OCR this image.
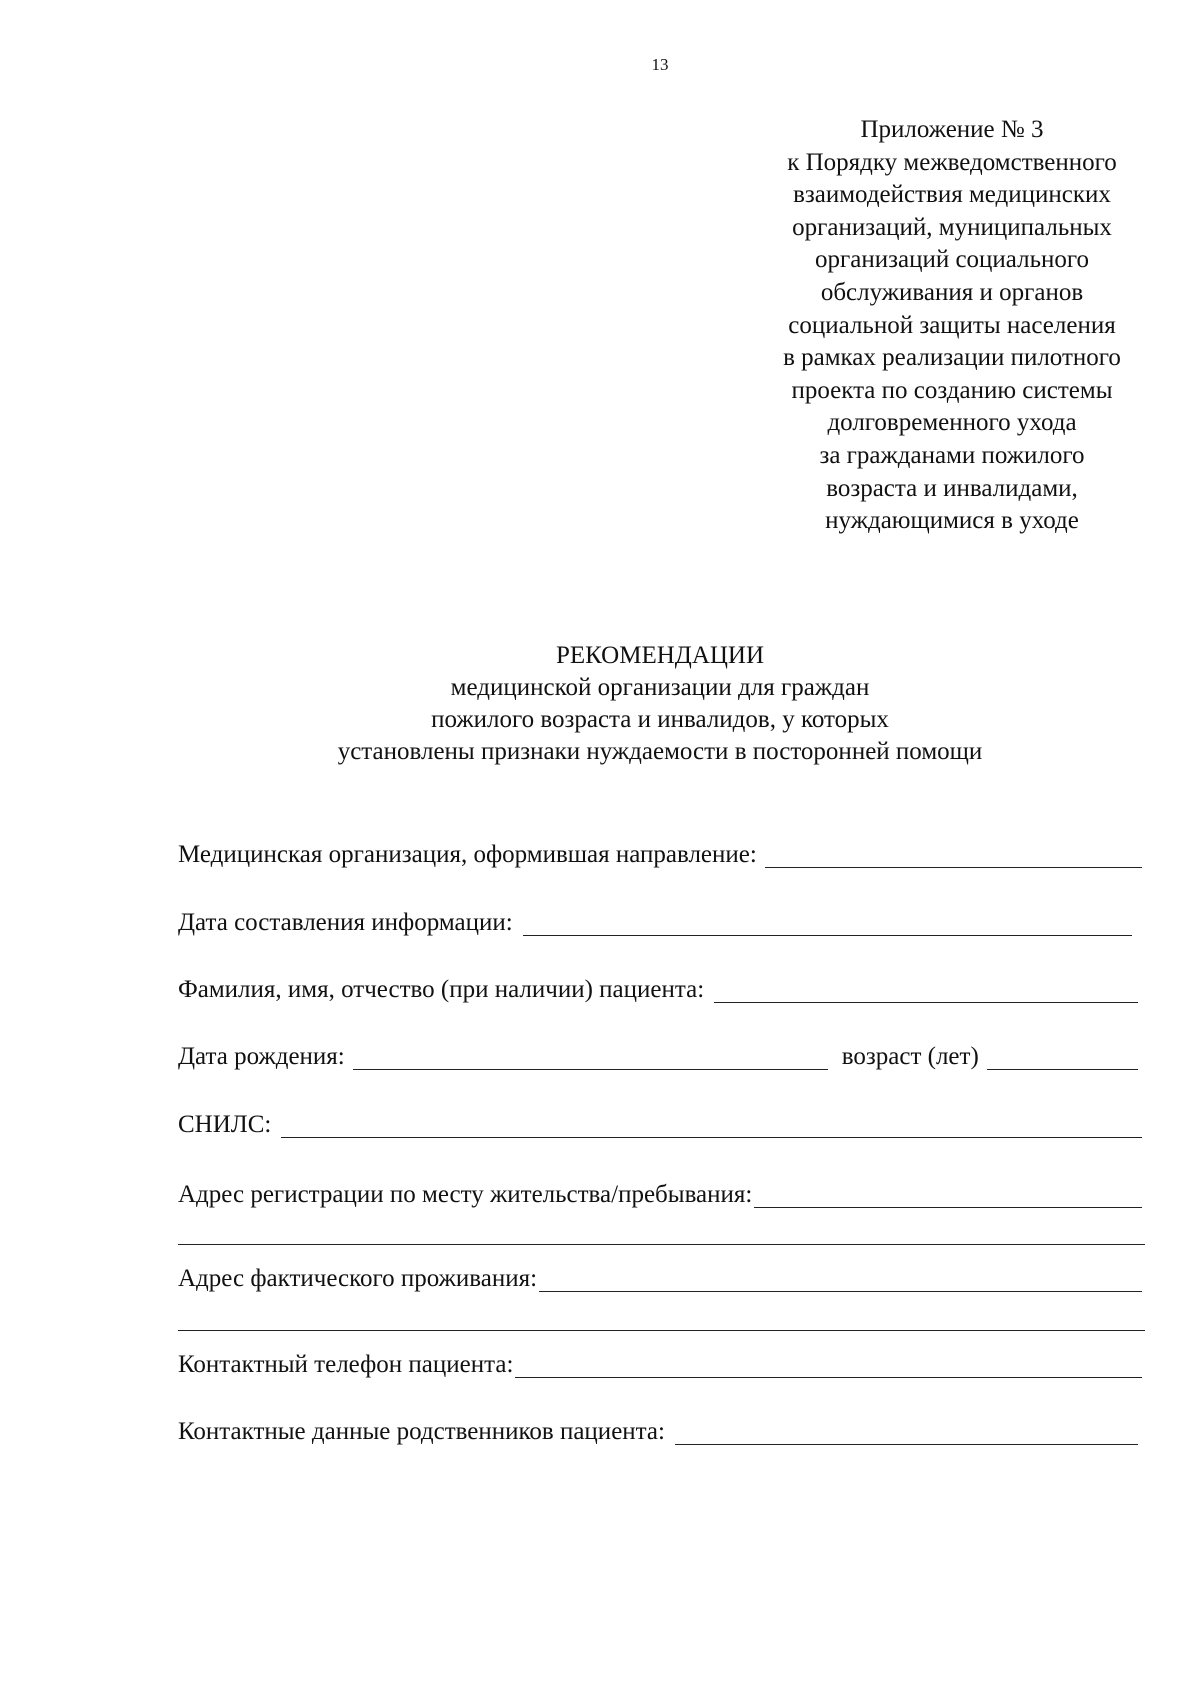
13
Приложение № 3
к Порядку межведомственного
взаимодействия медицинских
организаций, муниципальных
организаций социального
обслуживания и органов
социальной защиты населения
в рамках реализации пилотного
проекта по созданию системы
долговременного ухода
за гражданами пожилого
возраста и инвалидами,
нуждающимися в уходе
РЕКОМЕНДАЦИИ
медицинской организации для граждан
пожилого возраста и инвалидов, у которых
установлены признаки нуждаемости в посторонней помощи
Медицинская организация, оформившая направление:
Дата составления информации:
Фамилия, имя, отчество (при наличии) пациента:
Дата рождения:	возраст (лет)
СНИЛС:
Адрес регистрации по месту жительства/пребывания:
Адрес фактического проживания:
Контактный телефон пациента:
Контактные данные родственников пациента:
